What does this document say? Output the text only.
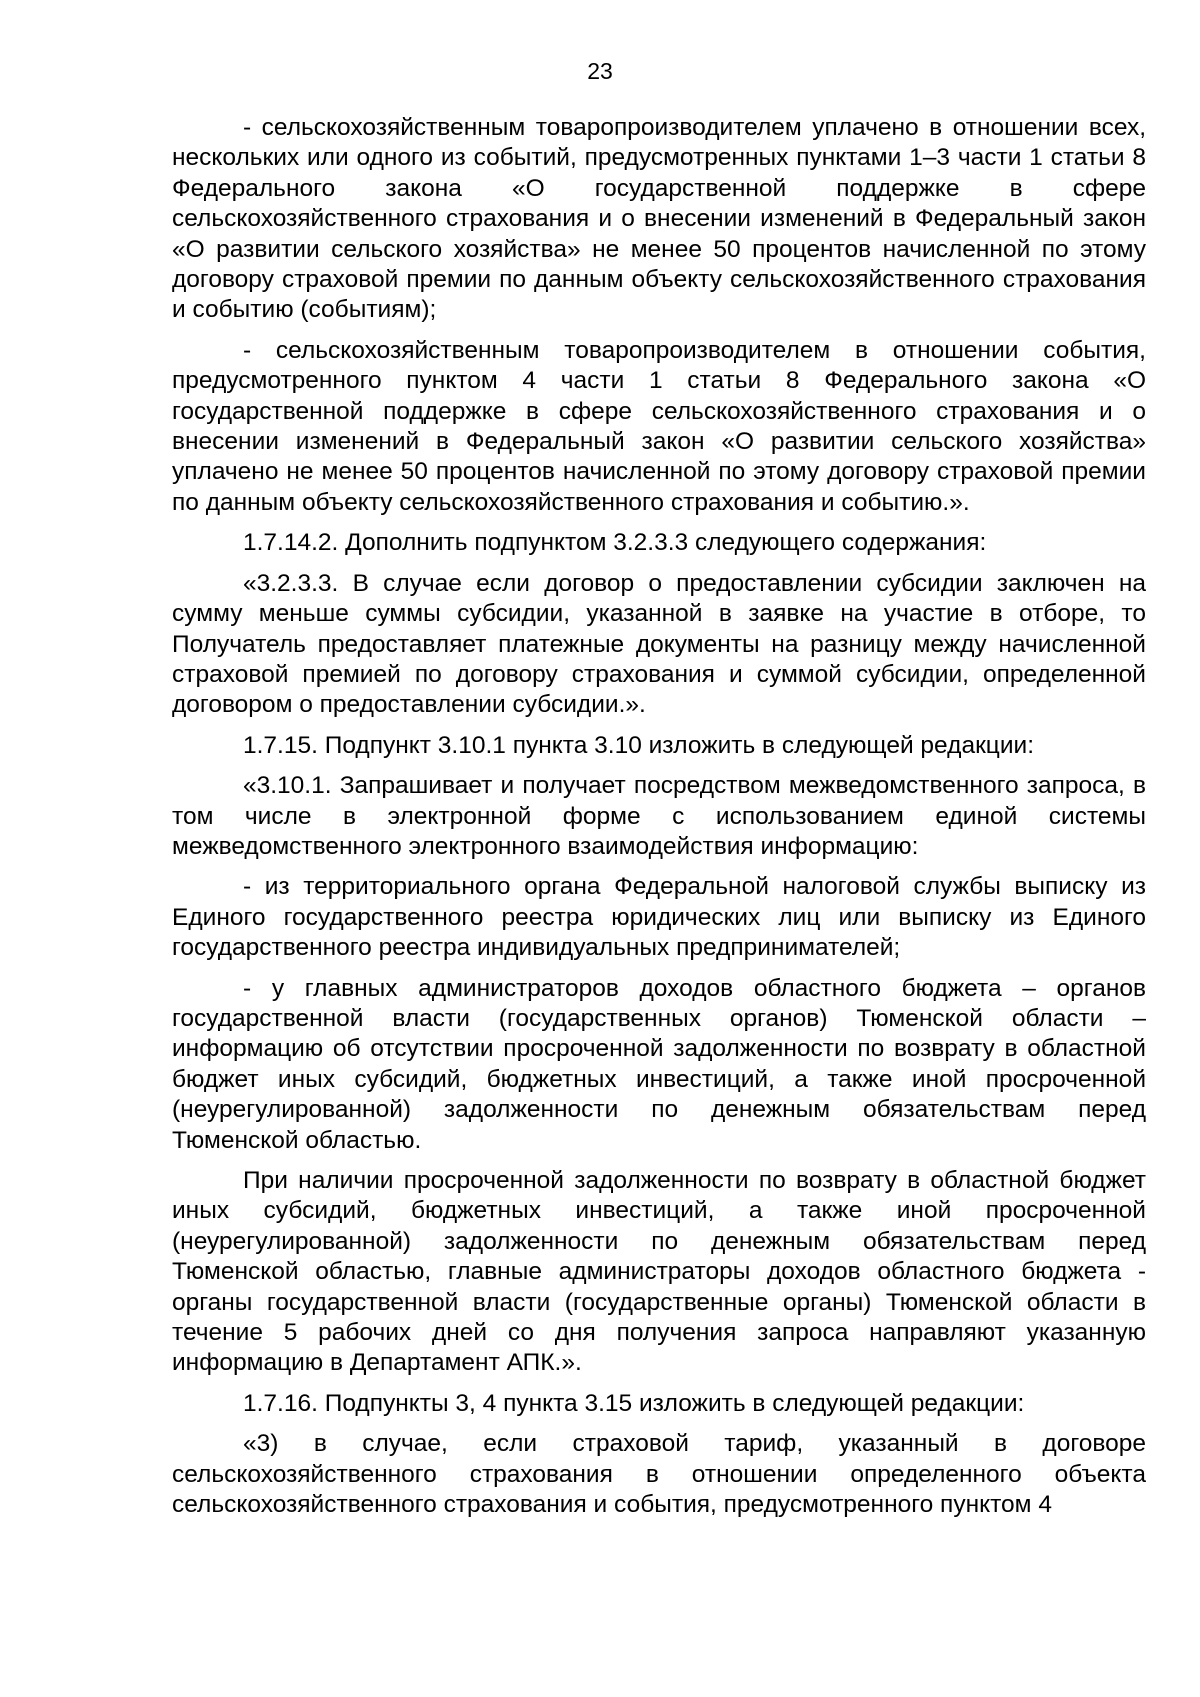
23

- сельскохозяйственным товаропроизводителем уплачено в отношении всех, нескольких или одного из событий, предусмотренных пунктами 1–3 части 1 статьи 8 Федерального закона «О государственной поддержке в сфере сельскохозяйственного страхования и о внесении изменений в Федеральный закон «О развитии сельского хозяйства» не менее 50 процентов начисленной по этому договору страховой премии по данным объекту сельскохозяйственного страхования и событию (событиям);

- сельскохозяйственным товаропроизводителем в отношении события, предусмотренного пунктом 4 части 1 статьи 8 Федерального закона «О государственной поддержке в сфере сельскохозяйственного страхования и о внесении изменений в Федеральный закон «О развитии сельского хозяйства» уплачено не менее 50 процентов начисленной по этому договору страховой премии по данным объекту сельскохозяйственного страхования и событию.».

1.7.14.2. Дополнить подпунктом 3.2.3.3 следующего содержания:

«3.2.3.3. В случае если договор о предоставлении субсидии заключен на сумму меньше суммы субсидии, указанной в заявке на участие в отборе, то Получатель предоставляет платежные документы на разницу между начисленной страховой премией по договору страхования и суммой субсидии, определенной договором о предоставлении субсидии.».

1.7.15. Подпункт 3.10.1 пункта 3.10 изложить в следующей редакции:

«3.10.1. Запрашивает и получает посредством межведомственного запроса, в том числе в электронной форме с использованием единой системы межведомственного электронного взаимодействия информацию:

- из территориального органа Федеральной налоговой службы выписку из Единого государственного реестра юридических лиц или выписку из Единого государственного реестра индивидуальных предпринимателей;

- у главных администраторов доходов областного бюджета – органов государственной власти (государственных органов) Тюменской области – информацию об отсутствии просроченной задолженности по возврату в областной бюджет иных субсидий, бюджетных инвестиций, а также иной просроченной (неурегулированной) задолженности по денежным обязательствам перед Тюменской областью.

При наличии просроченной задолженности по возврату в областной бюджет иных субсидий, бюджетных инвестиций, а также иной просроченной (неурегулированной) задолженности по денежным обязательствам перед Тюменской областью, главные администраторы доходов областного бюджета - органы государственной власти (государственные органы) Тюменской области в течение 5 рабочих дней со дня получения запроса направляют указанную информацию в Департамент АПК.».

1.7.16. Подпункты 3, 4 пункта 3.15 изложить в следующей редакции:

«3) в случае, если страховой тариф, указанный в договоре сельскохозяйственного страхования в отношении определенного объекта сельскохозяйственного страхования и события, предусмотренного пунктом 4
